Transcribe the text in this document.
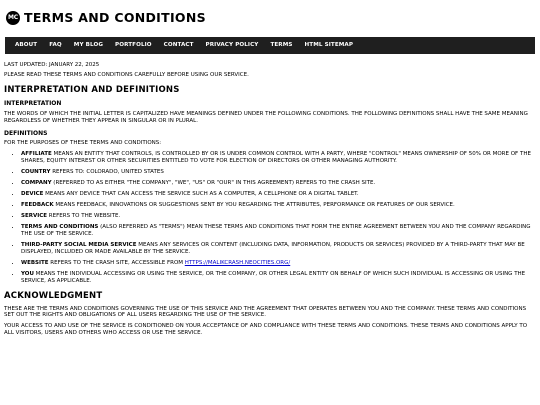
MC TERMS AND CONDITIONS
ABOUT	FAQ	MY BLOG	PORTFOLIO	CONTACT	PRIVACY POLICY	TERMS	HTML SITEMAP

LAST UPDATED: JANUARY 22, 2025

PLEASE READ THESE TERMS AND CONDITIONS CAREFULLY BEFORE USING OUR SERVICE.

INTERPRETATION AND DEFINITIONS
INTERPRETATION

THE WORDS OF WHICH THE INITIAL LETTER IS CAPITALIZED HAVE MEANINGS DEFINED UNDER THE FOLLOWING CONDITIONS. THE FOLLOWING DEFINITIONS SHALL HAVE THE SAME MEANING REGARDLESS OF WHETHER THEY APPEAR IN SINGULAR OR IN PLURAL.

DEFINITIONS

FOR THE PURPOSES OF THESE TERMS AND CONDITIONS:

• AFFILIATE MEANS AN ENTITY THAT CONTROLS, IS CONTROLLED BY OR IS UNDER COMMON CONTROL WITH A PARTY, WHERE "CONTROL" MEANS OWNERSHIP OF 50% OR MORE OF THE SHARES, EQUITY INTEREST OR OTHER SECURITIES ENTITLED TO VOTE FOR ELECTION OF DIRECTORS OR OTHER MANAGING AUTHORITY.
• COUNTRY REFERS TO: COLORADO, UNITED STATES
• COMPANY (REFERRED TO AS EITHER "THE COMPANY", "WE", "US" OR "OUR" IN THIS AGREEMENT) REFERS TO THE CRASH SITE.
• DEVICE MEANS ANY DEVICE THAT CAN ACCESS THE SERVICE SUCH AS A COMPUTER, A CELLPHONE OR A DIGITAL TABLET.
• FEEDBACK MEANS FEEDBACK, INNOVATIONS OR SUGGESTIONS SENT BY YOU REGARDING THE ATTRIBUTES, PERFORMANCE OR FEATURES OF OUR SERVICE.
• SERVICE REFERS TO THE WEBSITE.
• TERMS AND CONDITIONS (ALSO REFERRED AS "TERMS") MEAN THESE TERMS AND CONDITIONS THAT FORM THE ENTIRE AGREEMENT BETWEEN YOU AND THE COMPANY REGARDING THE USE OF THE SERVICE.
• THIRD-PARTY SOCIAL MEDIA SERVICE MEANS ANY SERVICES OR CONTENT (INCLUDING DATA, INFORMATION, PRODUCTS OR SERVICES) PROVIDED BY A THIRD-PARTY THAT MAY BE DISPLAYED, INCLUDED OR MADE AVAILABLE BY THE SERVICE.
• WEBSITE REFERS TO THE CRASH SITE, ACCESSIBLE FROM HTTPS://MALIKCRASH.NEOCITIES.ORG/
• YOU MEANS THE INDIVIDUAL ACCESSING OR USING THE SERVICE, OR THE COMPANY, OR OTHER LEGAL ENTITY ON BEHALF OF WHICH SUCH INDIVIDUAL IS ACCESSING OR USING THE SERVICE, AS APPLICABLE.
ACKNOWLEDGMENT

THESE ARE THE TERMS AND CONDITIONS GOVERNING THE USE OF THIS SERVICE AND THE AGREEMENT THAT OPERATES BETWEEN YOU AND THE COMPANY. THESE TERMS AND CONDITIONS SET OUT THE RIGHTS AND OBLIGATIONS OF ALL USERS REGARDING THE USE OF THE SERVICE.

YOUR ACCESS TO AND USE OF THE SERVICE IS CONDITIONED ON YOUR ACCEPTANCE OF AND COMPLIANCE WITH THESE TERMS AND CONDITIONS. THESE TERMS AND CONDITIONS APPLY TO ALL VISITORS, USERS AND OTHERS WHO ACCESS OR USE THE SERVICE.
